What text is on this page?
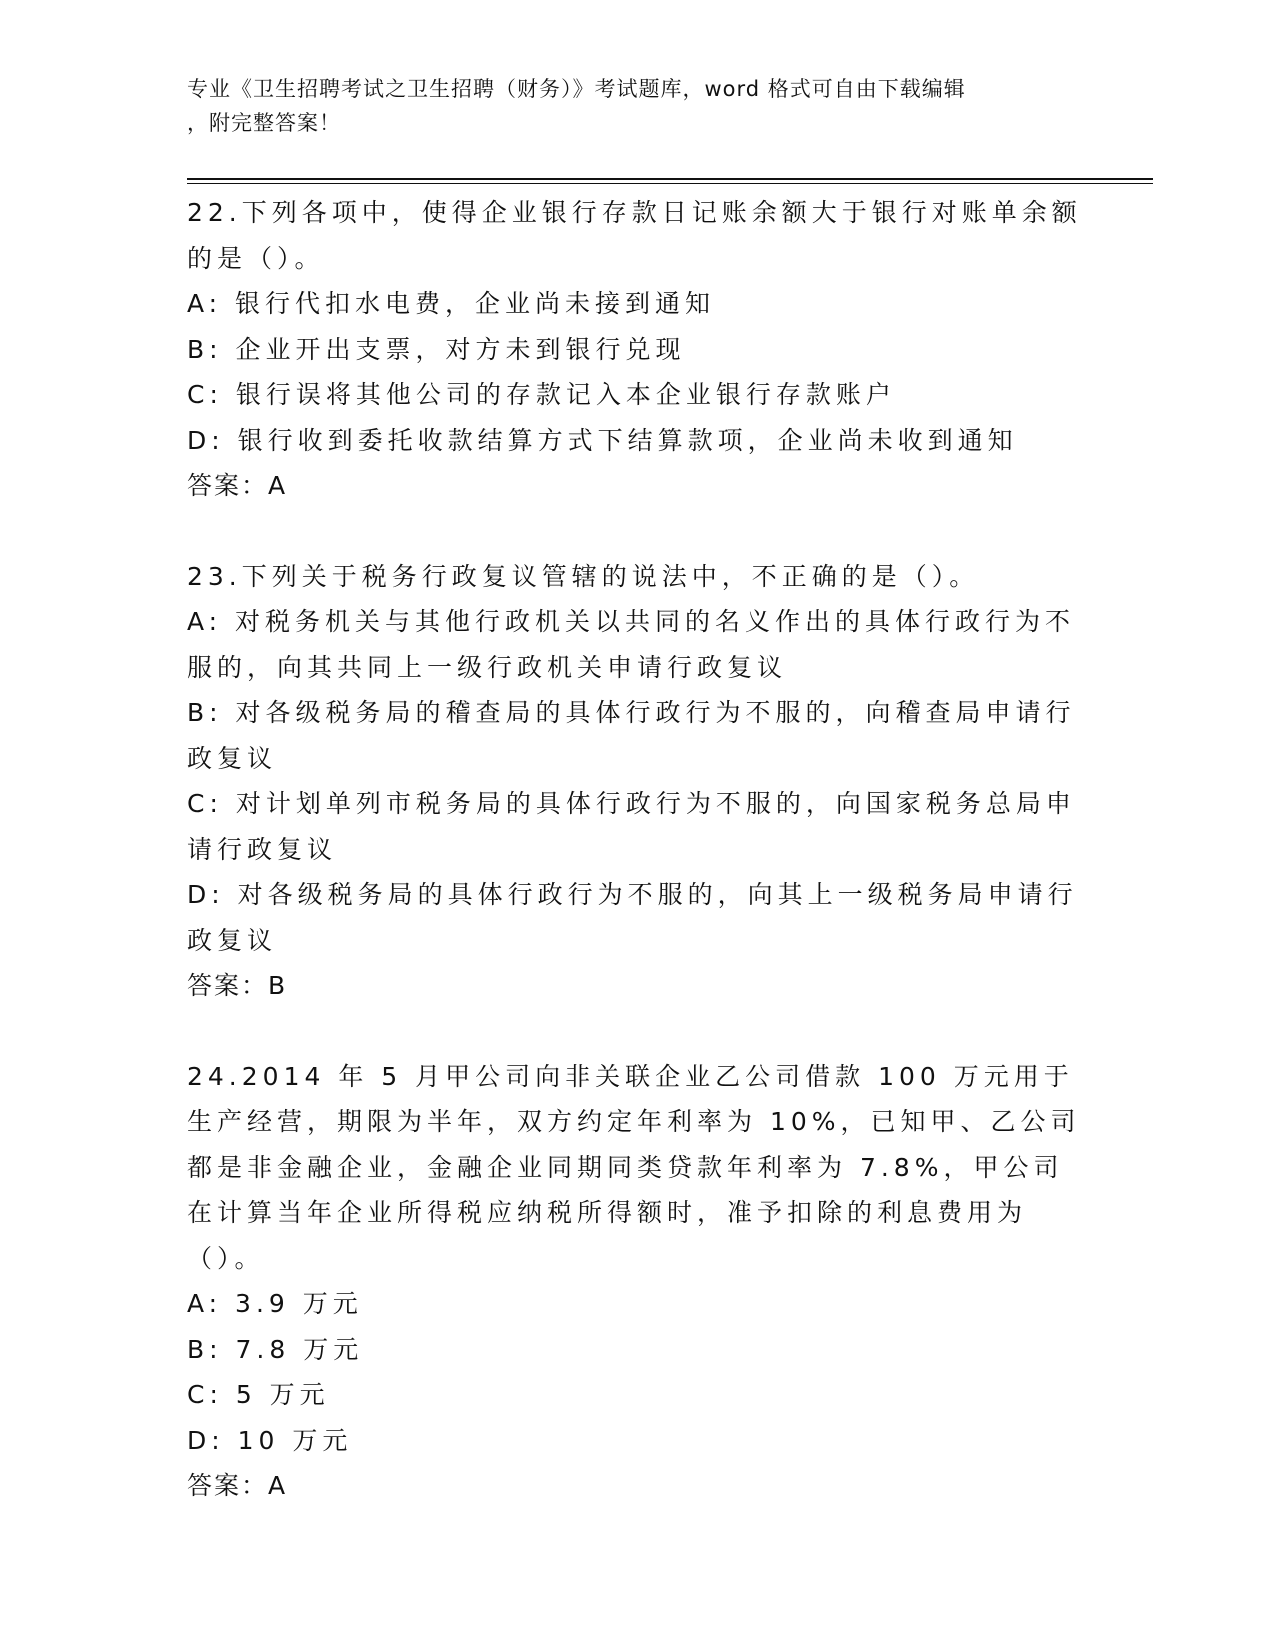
专业《卫生招聘考试之卫生招聘（财务）》考试题库，word 格式可自由下载编辑
，附完整答案！

22.下列各项中，使得企业银行存款日记账余额大于银行对账单余额的是（）。

A: 银行代扣水电费，企业尚未接到通知

B: 企业开出支票，对方未到银行兑现

C: 银行误将其他公司的存款记入本企业银行存款账户

D: 银行收到委托收款结算方式下结算款项，企业尚未收到通知

答案：A

23.下列关于税务行政复议管辖的说法中，不正确的是（）。

A: 对税务机关与其他行政机关以共同的名义作出的具体行政行为不服的，向其共同上一级行政机关申请行政复议

B: 对各级税务局的稽查局的具体行政行为不服的，向稽查局申请行政复议

C: 对计划单列市税务局的具体行政行为不服的，向国家税务总局申请行政复议

D: 对各级税务局的具体行政行为不服的，向其上一级税务局申请行政复议

答案：B

24.2014 年 5 月甲公司向非关联企业乙公司借款 100 万元用于生产经营，期限为半年，双方约定年利率为 10%，已知甲、乙公司都是非金融企业，金融企业同期同类贷款年利率为 7.8%，甲公司在计算当年企业所得税应纳税所得额时，准予扣除的利息费用为（）。

A: 3.9 万元

B: 7.8 万元

C: 5 万元

D: 10 万元

答案：A
